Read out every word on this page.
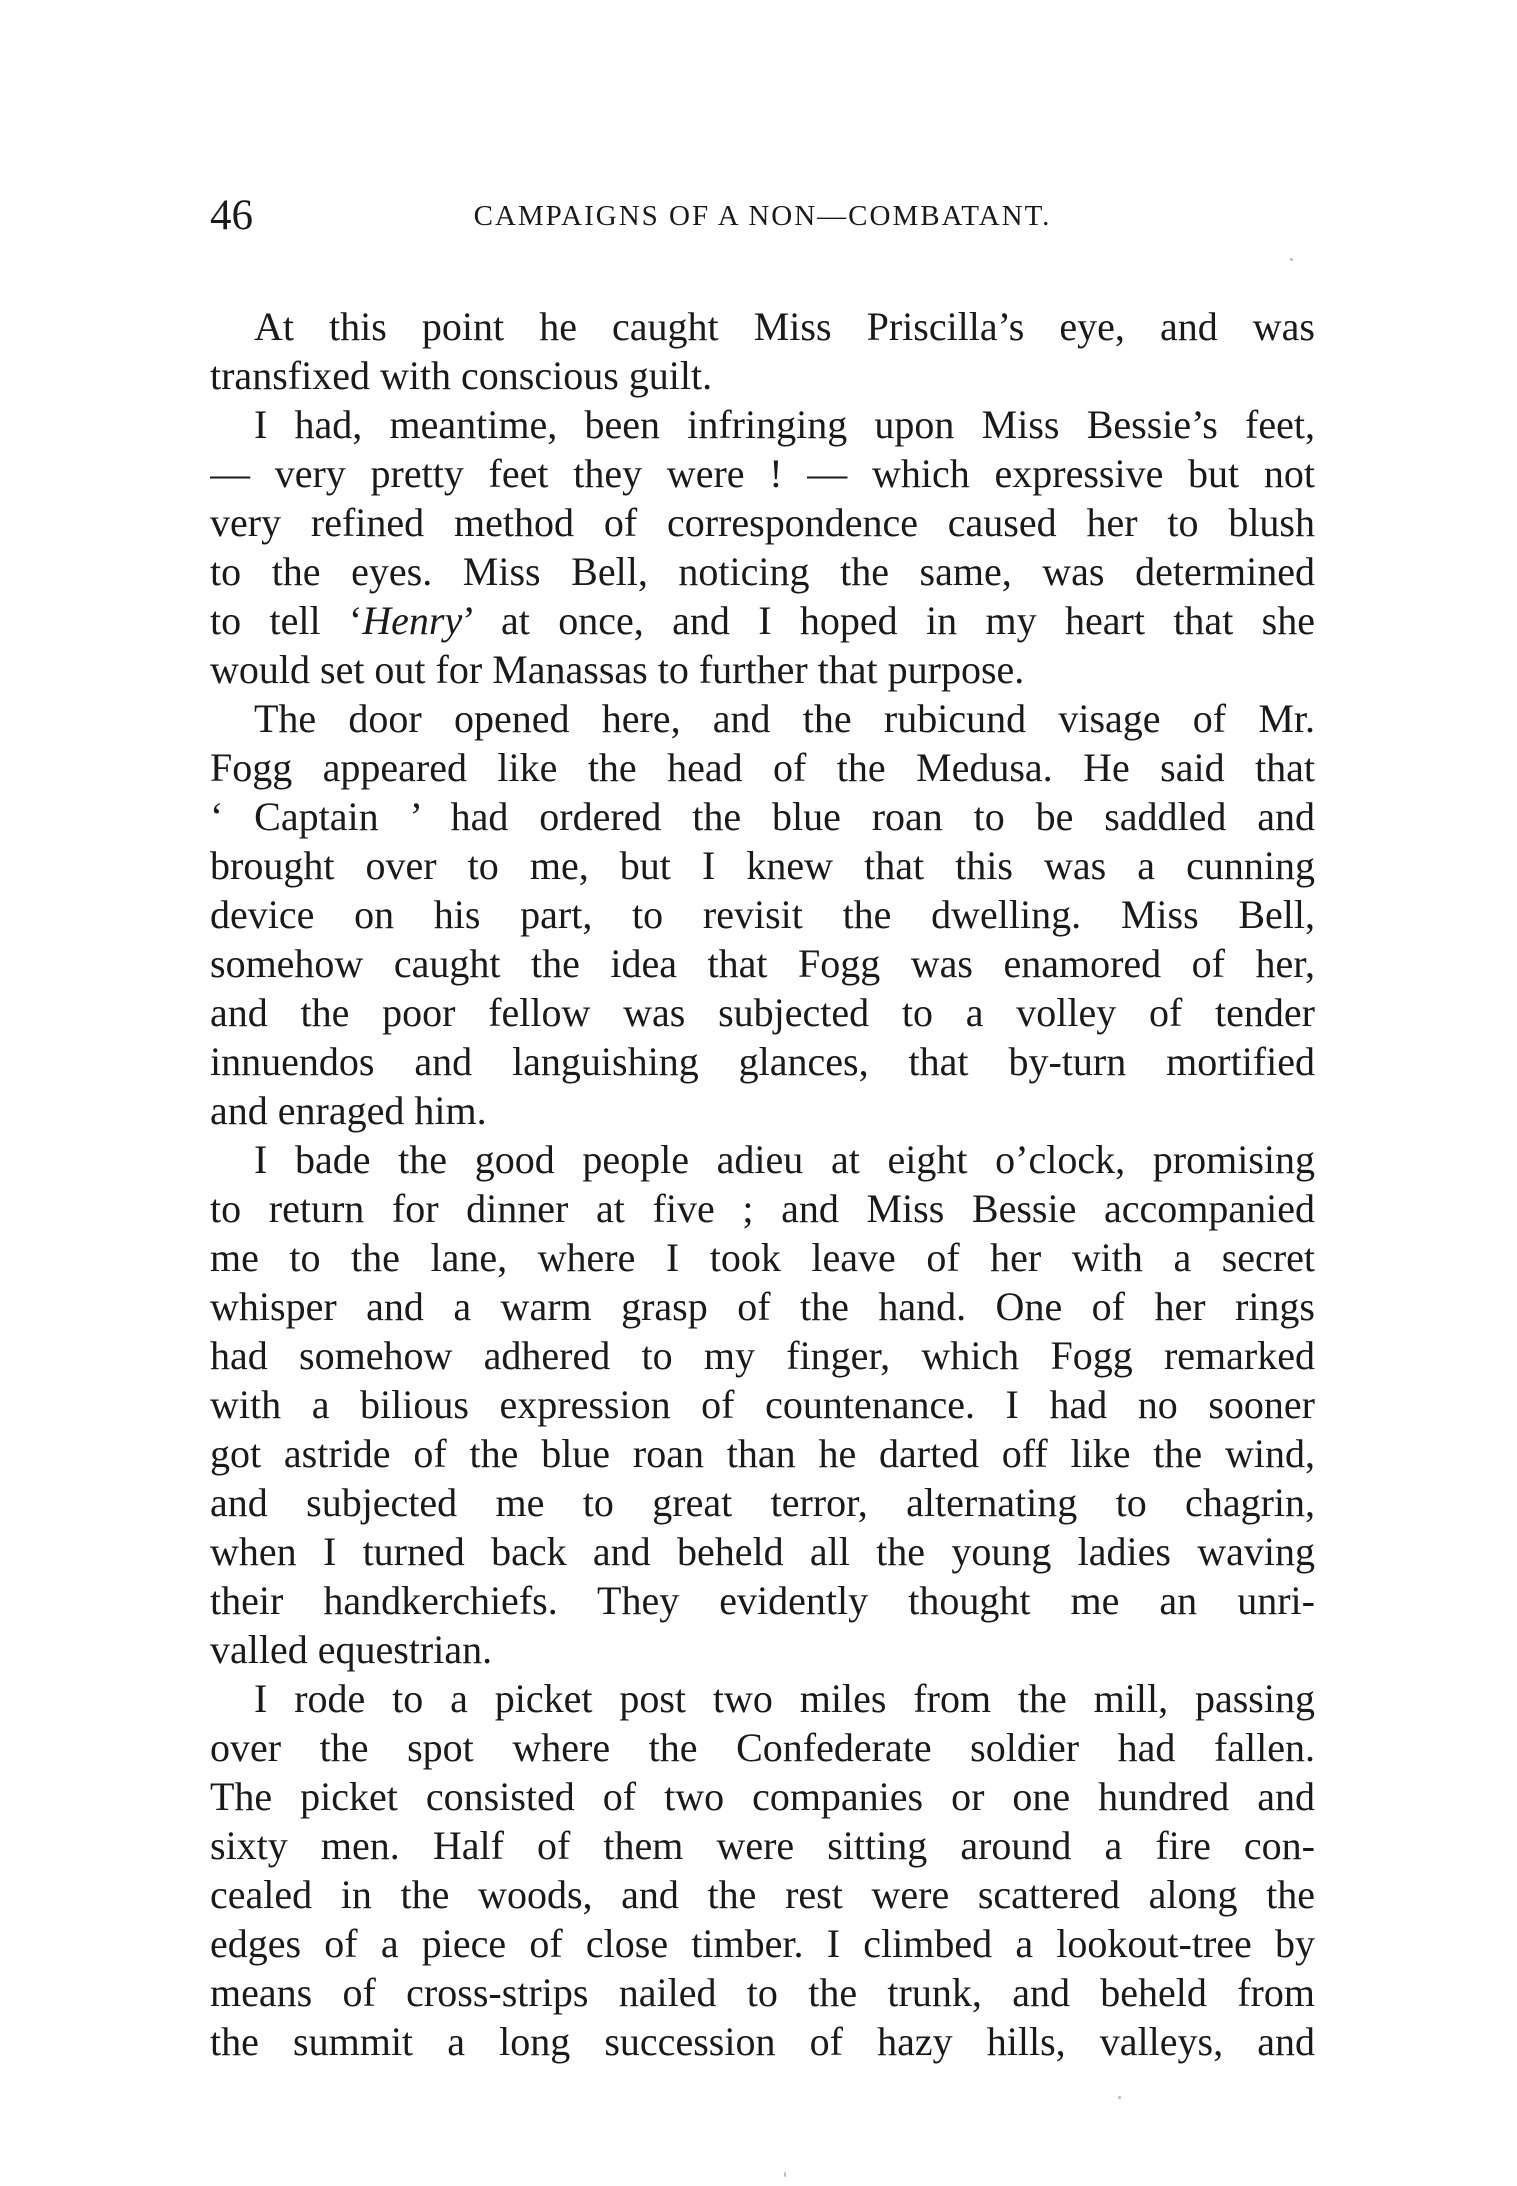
46	CAMPAIGNS OF A NON—COMBATANT.

At this point he caught Miss Priscilla’s eye, and was
transfixed with conscious guilt.

I had, meantime, been infringing upon Miss Bessie’s feet,
— very pretty feet they were ! — which expressive but not
very refined method of correspondence caused her to blush
to the eyes. Miss Bell, noticing the same, was determined
to tell ‘Henry’ at once, and I hoped in my heart that she
would set out for Manassas to further that purpose.

The door opened here, and the rubicund visage of Mr.
Fogg appeared like the head of the Medusa. He said that
‘ Captain ’ had ordered the blue roan to be saddled and
brought over to me, but I knew that this was a cunning
device on his part, to revisit the dwelling. Miss Bell,
somehow caught the idea that Fogg was enamored of her,
and the poor fellow was subjected to a volley of tender
innuendos and languishing glances, that by-turn mortified
and enraged him.

I bade the good people adieu at eight o’clock, promising
to return for dinner at five ; and Miss Bessie accompanied
me to the lane, where I took leave of her with a secret
whisper and a warm grasp of the hand. One of her rings
had somehow adhered to my finger, which Fogg remarked
with a bilious expression of countenance. I had no sooner
got astride of the blue roan than he darted off like the wind,
and subjected me to great terror, alternating to chagrin,
when I turned back and beheld all the young ladies waving
their handkerchiefs. They evidently thought me an unri-
valled equestrian.

I rode to a picket post two miles from the mill, passing
over the spot where the Confederate soldier had fallen.
The picket consisted of two companies or one hundred and
sixty men. Half of them were sitting around a fire con-
cealed in the woods, and the rest were scattered along the
edges of a piece of close timber. I climbed a lookout-tree by
means of cross-strips nailed to the trunk, and beheld from
the summit a long succession of hazy hills, valleys, and
